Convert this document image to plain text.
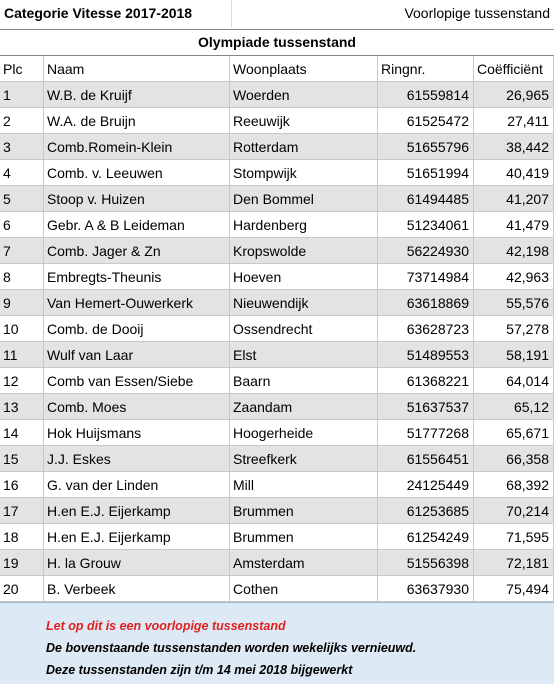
Categorie Vitesse 2017-2018	Voorlopige tussenstand
Olympiade tussenstand
Plc	Naam	Woonplaats	Ringnr.	Coëfficiënt
1	W.B. de Kruijf	Woerden	61559814	26,965
2	W.A. de Bruijn	Reeuwijk	61525472	27,411
3	Comb.Romein-Klein	Rotterdam	51655796	38,442
4	Comb. v. Leeuwen	Stompwijk	51651994	40,419
5	Stoop v. Huizen	Den Bommel	61494485	41,207
6	Gebr. A & B Leideman	Hardenberg	51234061	41,479
7	Comb. Jager & Zn	Kropswolde	56224930	42,198
8	Embregts-Theunis	Hoeven	73714984	42,963
9	Van Hemert-Ouwerkerk	Nieuwendijk	63618869	55,576
10	Comb. de Dooij	Ossendrecht	63628723	57,278
11	Wulf van Laar	Elst	51489553	58,191
12	Comb van Essen/Siebe	Baarn	61368221	64,014
13	Comb. Moes	Zaandam	51637537	65,12
14	Hok Huijsmans	Hoogerheide	51777268	65,671
15	J.J. Eskes	Streefkerk	61556451	66,358
16	G. van der Linden	Mill	24125449	68,392
17	H.en E.J. Eijerkamp	Brummen	61253685	70,214
18	H.en E.J. Eijerkamp	Brummen	61254249	71,595
19	H. la Grouw	Amsterdam	51556398	72,181
20	B. Verbeek	Cothen	63637930	75,494
Let op dit is een voorlopige tussenstand
De bovenstaande tussenstanden worden wekelijks vernieuwd.
Deze tussenstanden zijn t/m 14 mei 2018 bijgewerkt
